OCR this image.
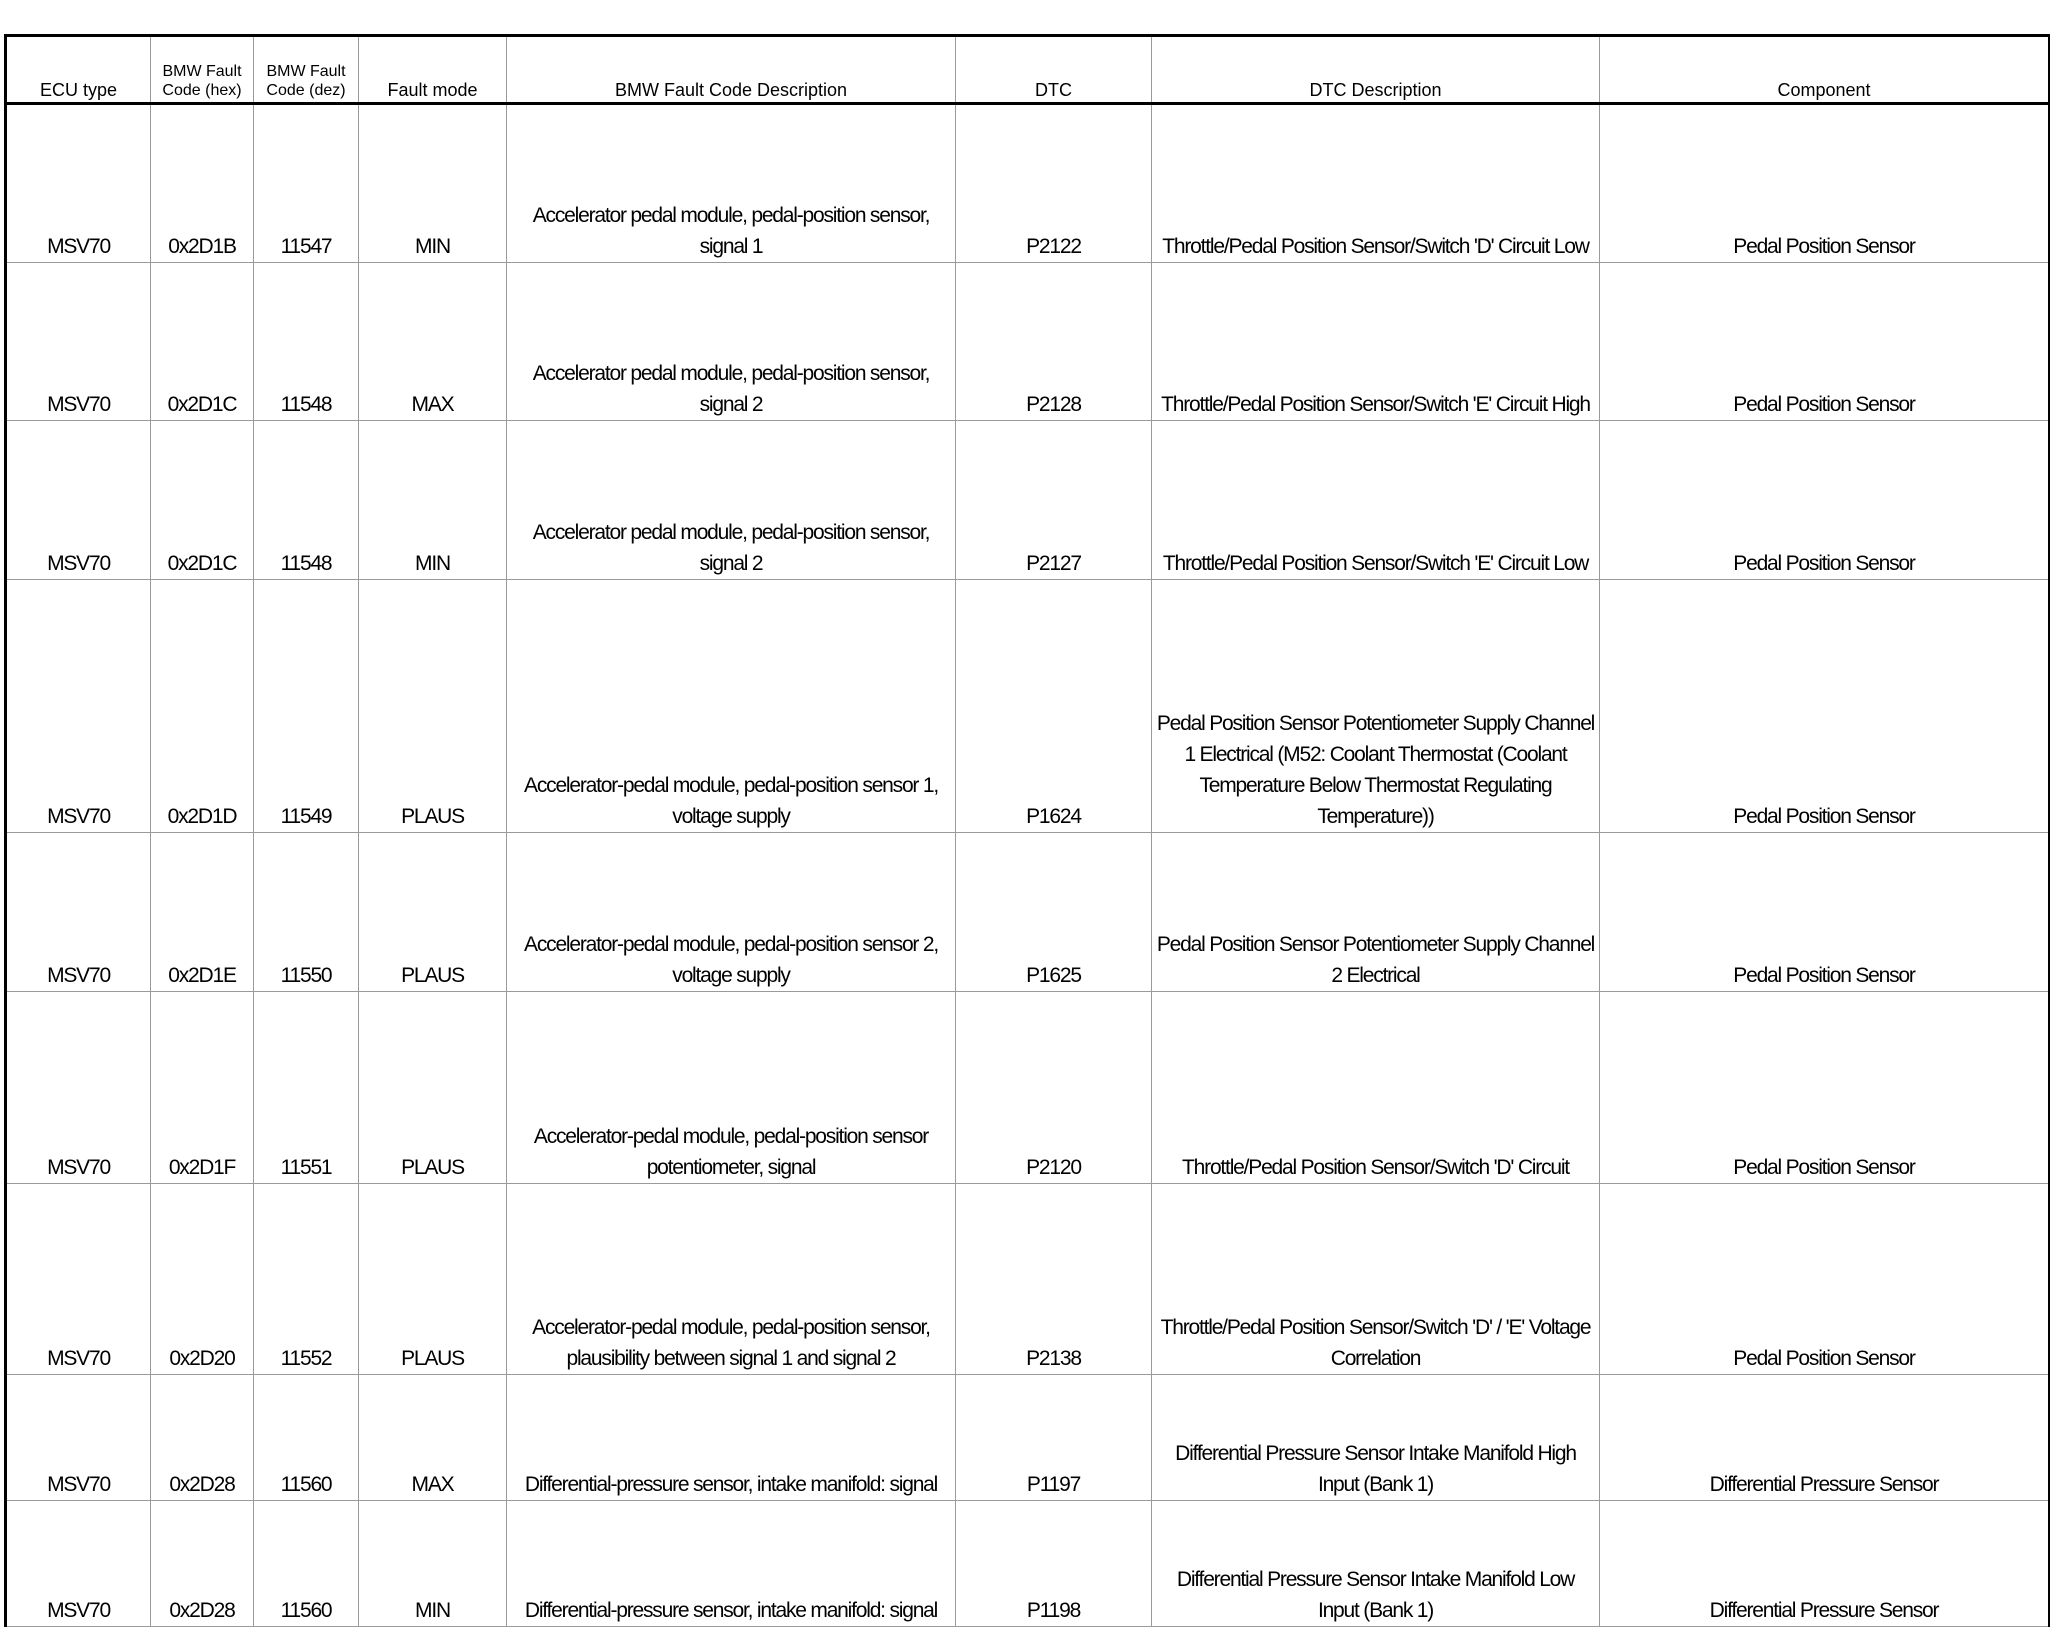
ECU type	BMW Fault Code (hex)	BMW Fault Code (dez)	Fault mode	BMW Fault Code Description	DTC	DTC Description	Component
MSV70	0x2D1B	11547	MIN	Accelerator pedal module, pedal-position sensor, signal 1	P2122	Throttle/Pedal Position Sensor/Switch 'D' Circuit Low	Pedal Position Sensor
MSV70	0x2D1C	11548	MAX	Accelerator pedal module, pedal-position sensor, signal 2	P2128	Throttle/Pedal Position Sensor/Switch 'E' Circuit High	Pedal Position Sensor
MSV70	0x2D1C	11548	MIN	Accelerator pedal module, pedal-position sensor, signal 2	P2127	Throttle/Pedal Position Sensor/Switch 'E' Circuit Low	Pedal Position Sensor
MSV70	0x2D1D	11549	PLAUS	Accelerator-pedal module, pedal-position sensor 1, voltage supply	P1624	Pedal Position Sensor Potentiometer Supply Channel 1 Electrical (M52: Coolant Thermostat (Coolant Temperature Below Thermostat Regulating Temperature))	Pedal Position Sensor
MSV70	0x2D1E	11550	PLAUS	Accelerator-pedal module, pedal-position sensor 2, voltage supply	P1625	Pedal Position Sensor Potentiometer Supply Channel 2 Electrical	Pedal Position Sensor
MSV70	0x2D1F	11551	PLAUS	Accelerator-pedal module, pedal-position sensor potentiometer, signal	P2120	Throttle/Pedal Position Sensor/Switch 'D' Circuit	Pedal Position Sensor
MSV70	0x2D20	11552	PLAUS	Accelerator-pedal module, pedal-position sensor, plausibility between signal 1 and signal 2	P2138	Throttle/Pedal Position Sensor/Switch 'D' / 'E' Voltage Correlation	Pedal Position Sensor
MSV70	0x2D28	11560	MAX	Differential-pressure sensor, intake manifold: signal	P1197	Differential Pressure Sensor Intake Manifold High Input (Bank 1)	Differential Pressure Sensor
MSV70	0x2D28	11560	MIN	Differential-pressure sensor, intake manifold: signal	P1198	Differential Pressure Sensor Intake Manifold Low Input (Bank 1)	Differential Pressure Sensor
